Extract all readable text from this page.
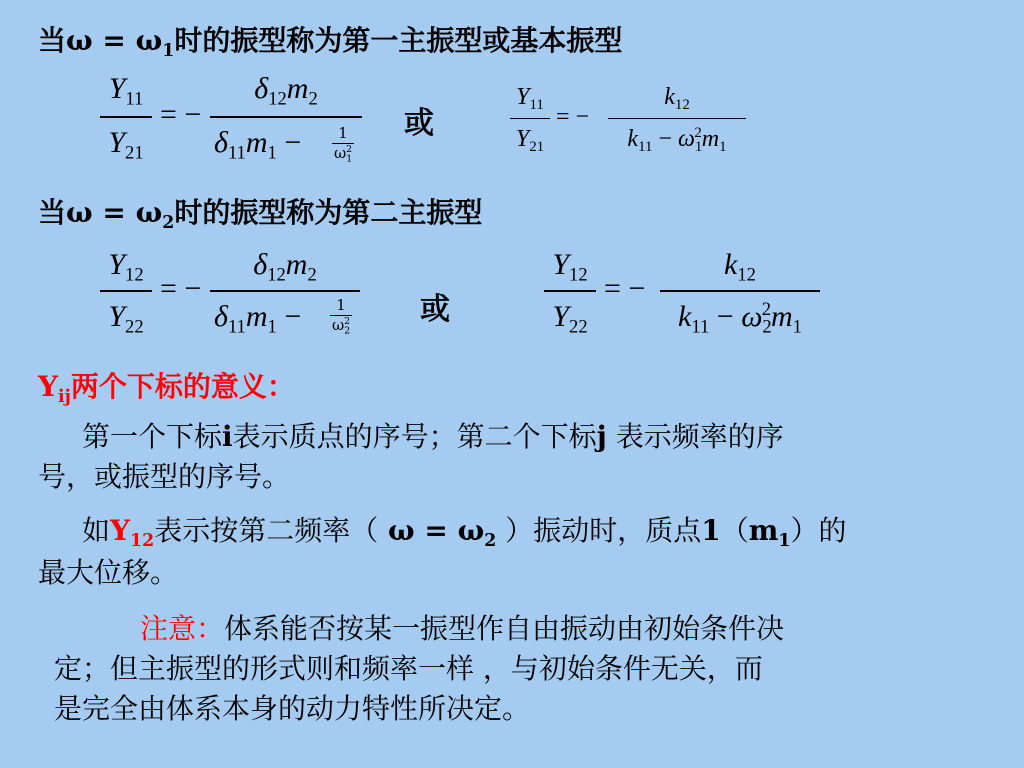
当$\omega = \omega_1$时的振型称为第一主振型或基本振型
$Y_{11}$
$Y_{21}$
= −
$\delta_{12}m_2$
$\delta_{11}m_1$ −	1
$\omega_1^2$
或
$Y_{11}$
$Y_{21}$
= −
$k_{12}$
$k_{11} - \omega_1^2m_1$
当$\omega = \omega_2$时的振型称为第二主振型
$Y_{12}$
$Y_{22}$
= −
$\delta_{12}m_2$
$\delta_{11}m_1$ −	1
$\omega_2^2$ 或
$Y_{12}$
$Y_{22}$
= −
$k_{12}$
$k_{11} - \omega_2^2m_1$
$Y_{ij}$两个下标的意义：
第一个下标i表示质点的序号；第二个下标j 表示频率的序
号，或振型的序号。
如$Y_{12}$表示按第二频率（ $\omega = \omega_2$ ）振动时，质点$1(m_1)$的
最大位移。
注意：体系能否按某一振型作自由振动由初始条件决
定；但主振型的形式则和频率一样 ，与初始条件无关，而
是完全由体系本身的动力特性所决定。
